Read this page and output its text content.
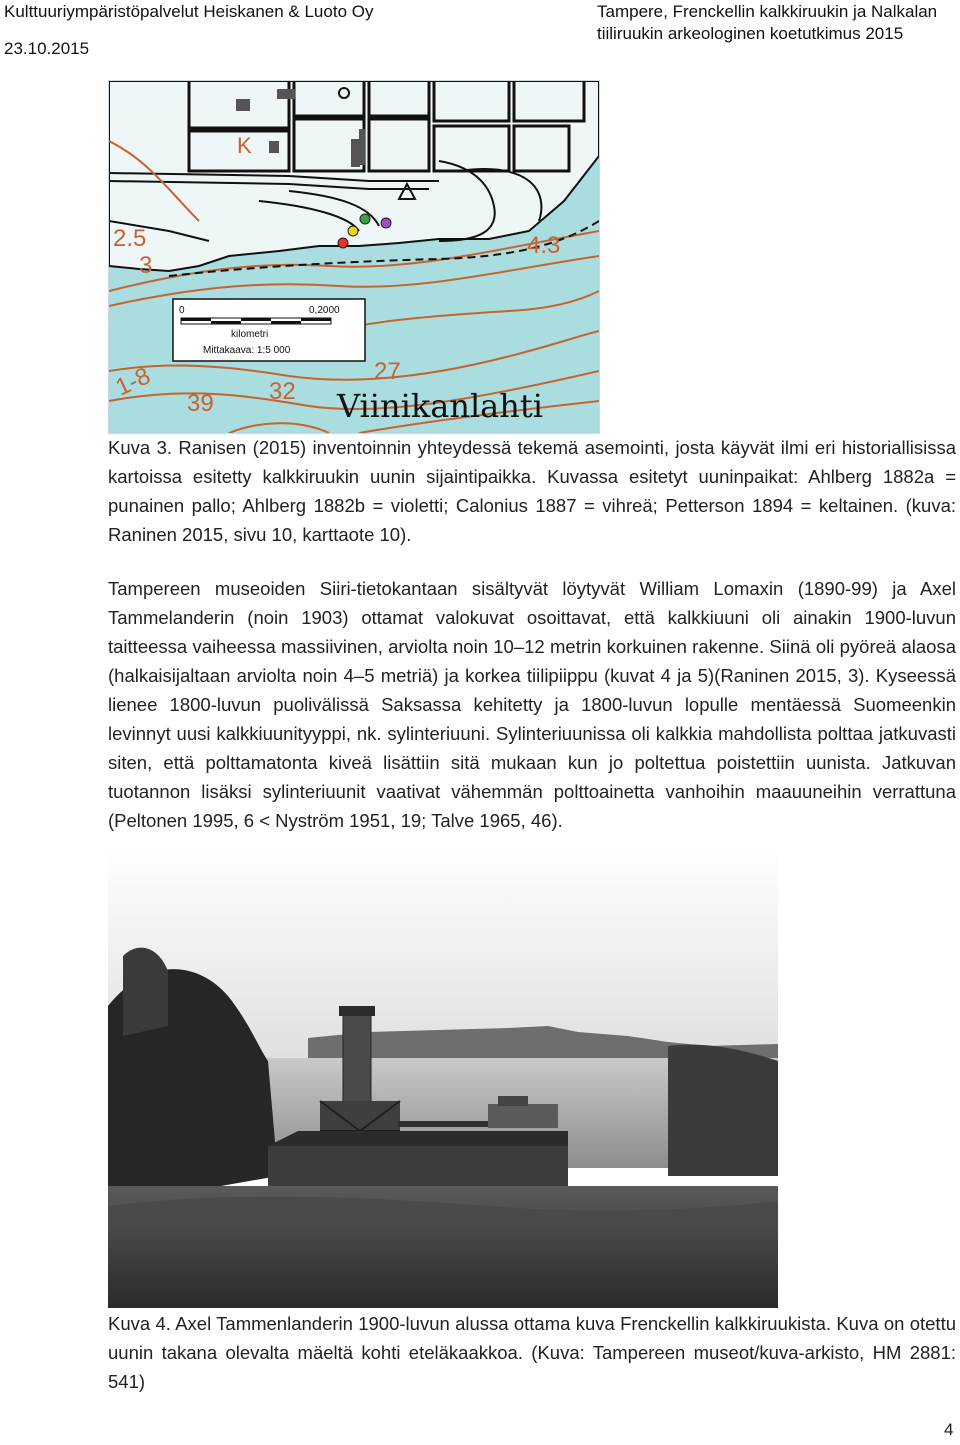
Kulttuuriympäristöpalvelut Heiskanen & Luoto Oy
23.10.2015
Tampere, Frenckellin kalkkiruukin ja Nalkalan
tiiliruukin arkeologinen koetutkimus 2015
K
2.5
3
4.3
1-8
39 32
27
Viinikanlahti
0	0,2000
kilometri
Mittakaava: 1:5 000

Kuva 3. Ranisen (2015) inventoinnin yhteydessä tekemä asemointi, josta käyvät ilmi eri historiallisissa kartoissa esitetty kalkkiruukin uunin sijaintipaikka. Kuvassa esitetyt uuninpaikat: Ahlberg 1882a = punainen pallo; Ahlberg 1882b = violetti; Calonius 1887 = vihreä; Petterson 1894 = keltainen. (kuva: Raninen 2015, sivu 10, karttaote 10).

Tampereen museoiden Siiri-tietokantaan sisältyvät löytyvät William Lomaxin (1890-99) ja Axel Tammelanderin (noin 1903) ottamat valokuvat osoittavat, että kalkkiuuni oli ainakin 1900-luvun taitteessa vaiheessa massiivinen, arviolta noin 10–12 metrin korkuinen rakenne. Siinä oli pyöreä alaosa (halkaisijaltaan arviolta noin 4–5 metriä) ja korkea tiilipiippu (kuvat 4 ja 5)(Raninen 2015, 3). Kyseessä lienee 1800-luvun puolivälissä Saksassa kehitetty ja 1800-luvun lopulle mentäessä Suomeenkin levinnyt uusi kalkkiuunityyppi, nk. sylinteriuuni. Sylinteriuunissa oli kalkkia mahdollista polttaa jatkuvasti siten, että polttamatonta kiveä lisättiin sitä mukaan kun jo poltettua poistettiin uunista. Jatkuvan tuotannon lisäksi sylinteriuunit vaativat vähemmän polttoainetta vanhoihin maauuneihin verrattuna (Peltonen 1995, 6 < Nyström 1951, 19; Talve 1965, 46).

Kuva 4. Axel Tammenlanderin 1900-luvun alussa ottama kuva Frenckellin kalkkiruukista. Kuva on otettu uunin takana olevalta mäeltä kohti eteläkaakkoa. (Kuva: Tampereen museot/kuva-arkisto, HM 2881: 541)

4
